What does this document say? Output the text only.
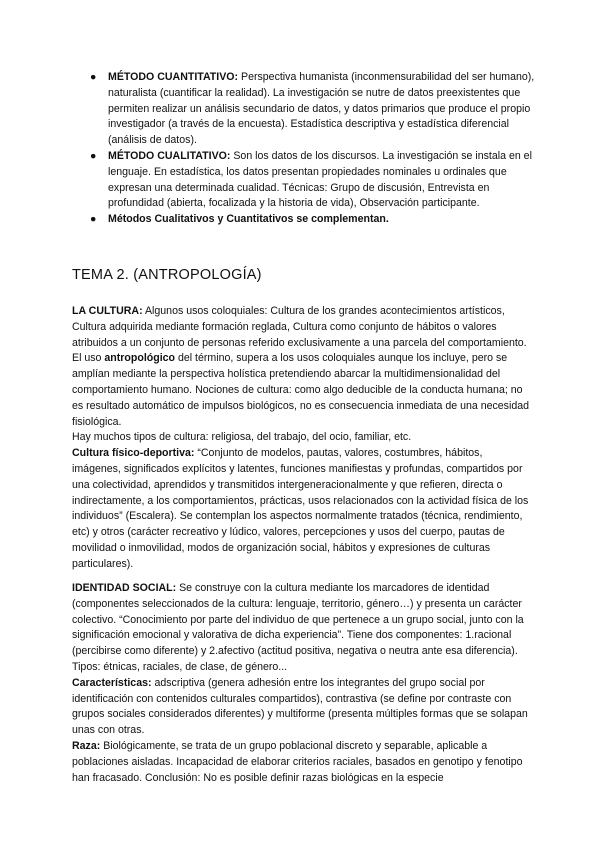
● MÉTODO CUANTITATIVO: Perspectiva humanista (inconmensurabilidad del ser humano), naturalista (cuantificar la realidad). La investigación se nutre de datos preexistentes que permiten realizar un análisis secundario de datos, y datos primarios que produce el propio investigador (a través de la encuesta). Estadística descriptiva y estadística diferencial (análisis de datos).
● MÉTODO CUALITATIVO: Son los datos de los discursos. La investigación se instala en el lenguaje. En estadística, los datos presentan propiedades nominales u ordinales que expresan una determinada cualidad. Técnicas: Grupo de discusión, Entrevista en profundidad (abierta, focalizada y la historia de vida), Observación participante.
● Métodos Cualitativos y Cuantitativos se complementan.
TEMA 2. (ANTROPOLOGÍA)

LA CULTURA: Algunos usos coloquiales: Cultura de los grandes acontecimientos artísticos, Cultura adquirida mediante formación reglada, Cultura como conjunto de hábitos o valores atribuidos a un conjunto de personas referido exclusivamente a una parcela del comportamiento.

El uso antropológico del término, supera a los usos coloquiales aunque los incluye, pero se amplían mediante la perspectiva holística pretendiendo abarcar la multidimensionalidad del comportamiento humano. Nociones de cultura: como algo deducible de la conducta humana; no es resultado automático de impulsos biológicos, no es consecuencia inmediata de una necesidad fisiológica.

Hay muchos tipos de cultura: religiosa, del trabajo, del ocio, familiar, etc.

Cultura físico-deportiva: “Conjunto de modelos, pautas, valores, costumbres, hábitos, imágenes, significados explícitos y latentes, funciones manifiestas y profundas, compartidos por una colectividad, aprendidos y transmitidos intergeneracionalmente y que refieren, directa o indirectamente, a los comportamientos, prácticas, usos relacionados con la actividad física de los individuos” (Escalera). Se contemplan los aspectos normalmente tratados (técnica, rendimiento, etc) y otros (carácter recreativo y lúdico, valores, percepciones y usos del cuerpo, pautas de movilidad o inmovilidad, modos de organización social, hábitos y expresiones de culturas particulares).

IDENTIDAD SOCIAL: Se construye con la cultura mediante los marcadores de identidad (componentes seleccionados de la cultura: lenguaje, territorio, género…) y presenta un carácter colectivo. “Conocimiento por parte del individuo de que pertenece a un grupo social, junto con la significación emocional y valorativa de dicha experiencia”. Tiene dos componentes: 1.racional (percibirse como diferente) y 2.afectivo (actitud positiva, negativa o neutra ante esa diferencia). Tipos: étnicas, raciales, de clase, de género...

Características: adscriptiva (genera adhesión entre los integrantes del grupo social por identificación con contenidos culturales compartidos), contrastiva (se define por contraste con grupos sociales considerados diferentes) y multiforme (presenta múltiples formas que se solapan unas con otras.

Raza: Biológicamente, se trata de un grupo poblacional discreto y separable, aplicable a poblaciones aisladas. Incapacidad de elaborar criterios raciales, basados en genotipo y fenotipo han fracasado. Conclusión: No es posible definir razas biológicas en la especie
